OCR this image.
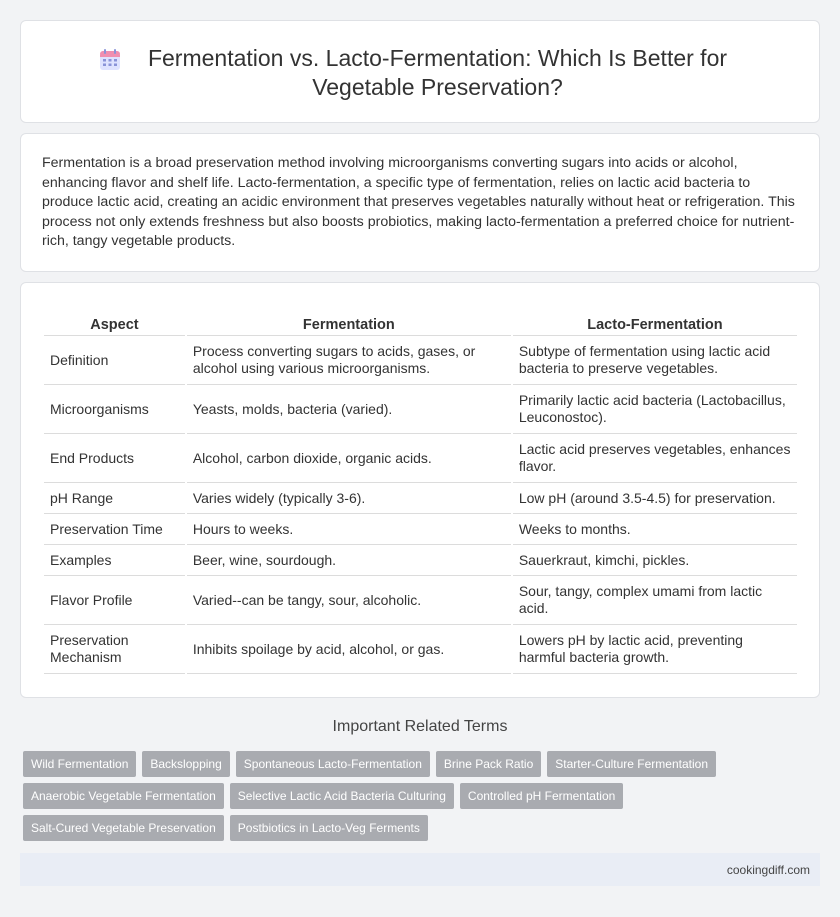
Fermentation vs. Lacto-Fermentation: Which Is Better for Vegetable Preservation?

Fermentation is a broad preservation method involving microorganisms converting sugars into acids or alcohol, enhancing flavor and shelf life. Lacto-fermentation, a specific type of fermentation, relies on lactic acid bacteria to produce lactic acid, creating an acidic environment that preserves vegetables naturally without heat or refrigeration. This process not only extends freshness but also boosts probiotics, making lacto-fermentation a preferred choice for nutrient-rich, tangy vegetable products.

Aspect	Fermentation	Lacto-Fermentation
Definition	Process converting sugars to acids, gases, or alcohol using various microorganisms.	Subtype of fermentation using lactic acid bacteria to preserve vegetables.
Microorganisms	Yeasts, molds, bacteria (varied).	Primarily lactic acid bacteria (Lactobacillus, Leuconostoc).
End Products	Alcohol, carbon dioxide, organic acids.	Lactic acid preserves vegetables, enhances flavor.
pH Range	Varies widely (typically 3-6).	Low pH (around 3.5-4.5) for preservation.
Preservation Time	Hours to weeks.	Weeks to months.
Examples	Beer, wine, sourdough.	Sauerkraut, kimchi, pickles.
Flavor Profile	Varied--can be tangy, sour, alcoholic.	Sour, tangy, complex umami from lactic acid.
Preservation Mechanism	Inhibits spoilage by acid, alcohol, or gas.	Lowers pH by lactic acid, preventing harmful bacteria growth.
Important Related Terms
Wild Fermentation	Backslopping	Spontaneous Lacto-Fermentation	Brine Pack Ratio	Starter-Culture Fermentation
Anaerobic Vegetable Fermentation	Selective Lactic Acid Bacteria Culturing	Controlled pH Fermentation
Salt-Cured Vegetable Preservation	Postbiotics in Lacto-Veg Ferments
cookingdiff.com
